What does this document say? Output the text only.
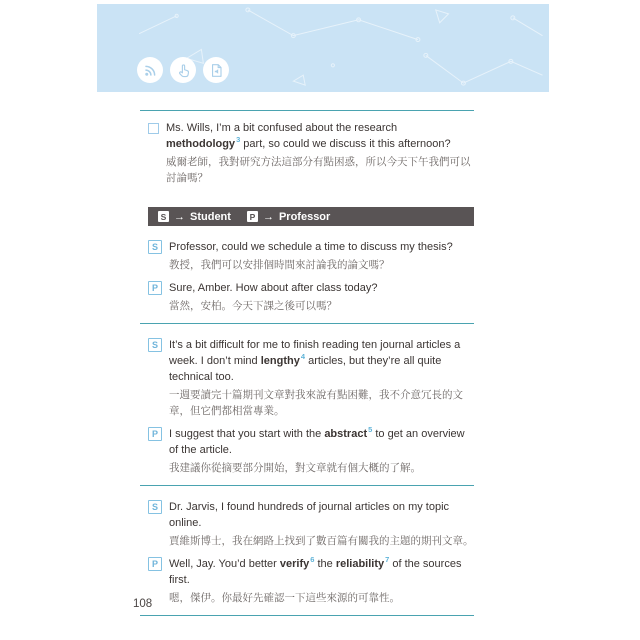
Ms. Wills, I’m a bit confused about the research methodology$^3$ part, so could we discuss it this afternoon?

威爾老師，我對研究方法這部分有點困惑，所以今天下午我們可以討論嗎？

S → Student	P → Professor
S	Professor, could we schedule a time to discuss my thesis?

教授，我們可以安排個時間來討論我的論文嗎？

P	Sure, Amber. How about after class today?

當然，安柏。今天下課之後可以嗎？

S	It’s a bit difficult for me to finish reading ten journal articles a week. I don’t mind lengthy$^4$ articles, but they’re all quite technical too.

一週要讀完十篇期刊文章對我來說有點困難，我不介意冗長的文章，但它們都相當專業。

P	I suggest that you start with the abstract$^5$ to get an overview of the article.

我建議你從摘要部分開始，對文章就有個大概的了解。

S	Dr. Jarvis, I found hundreds of journal articles on my topic online.

賈維斯博士，我在網路上找到了數百篇有關我的主題的期刊文章。

P	Well, Jay. You’d better verify$^6$ the reliability$^7$ of the sources first.

嗯，傑伊。你最好先確認一下這些來源的可靠性。

108
